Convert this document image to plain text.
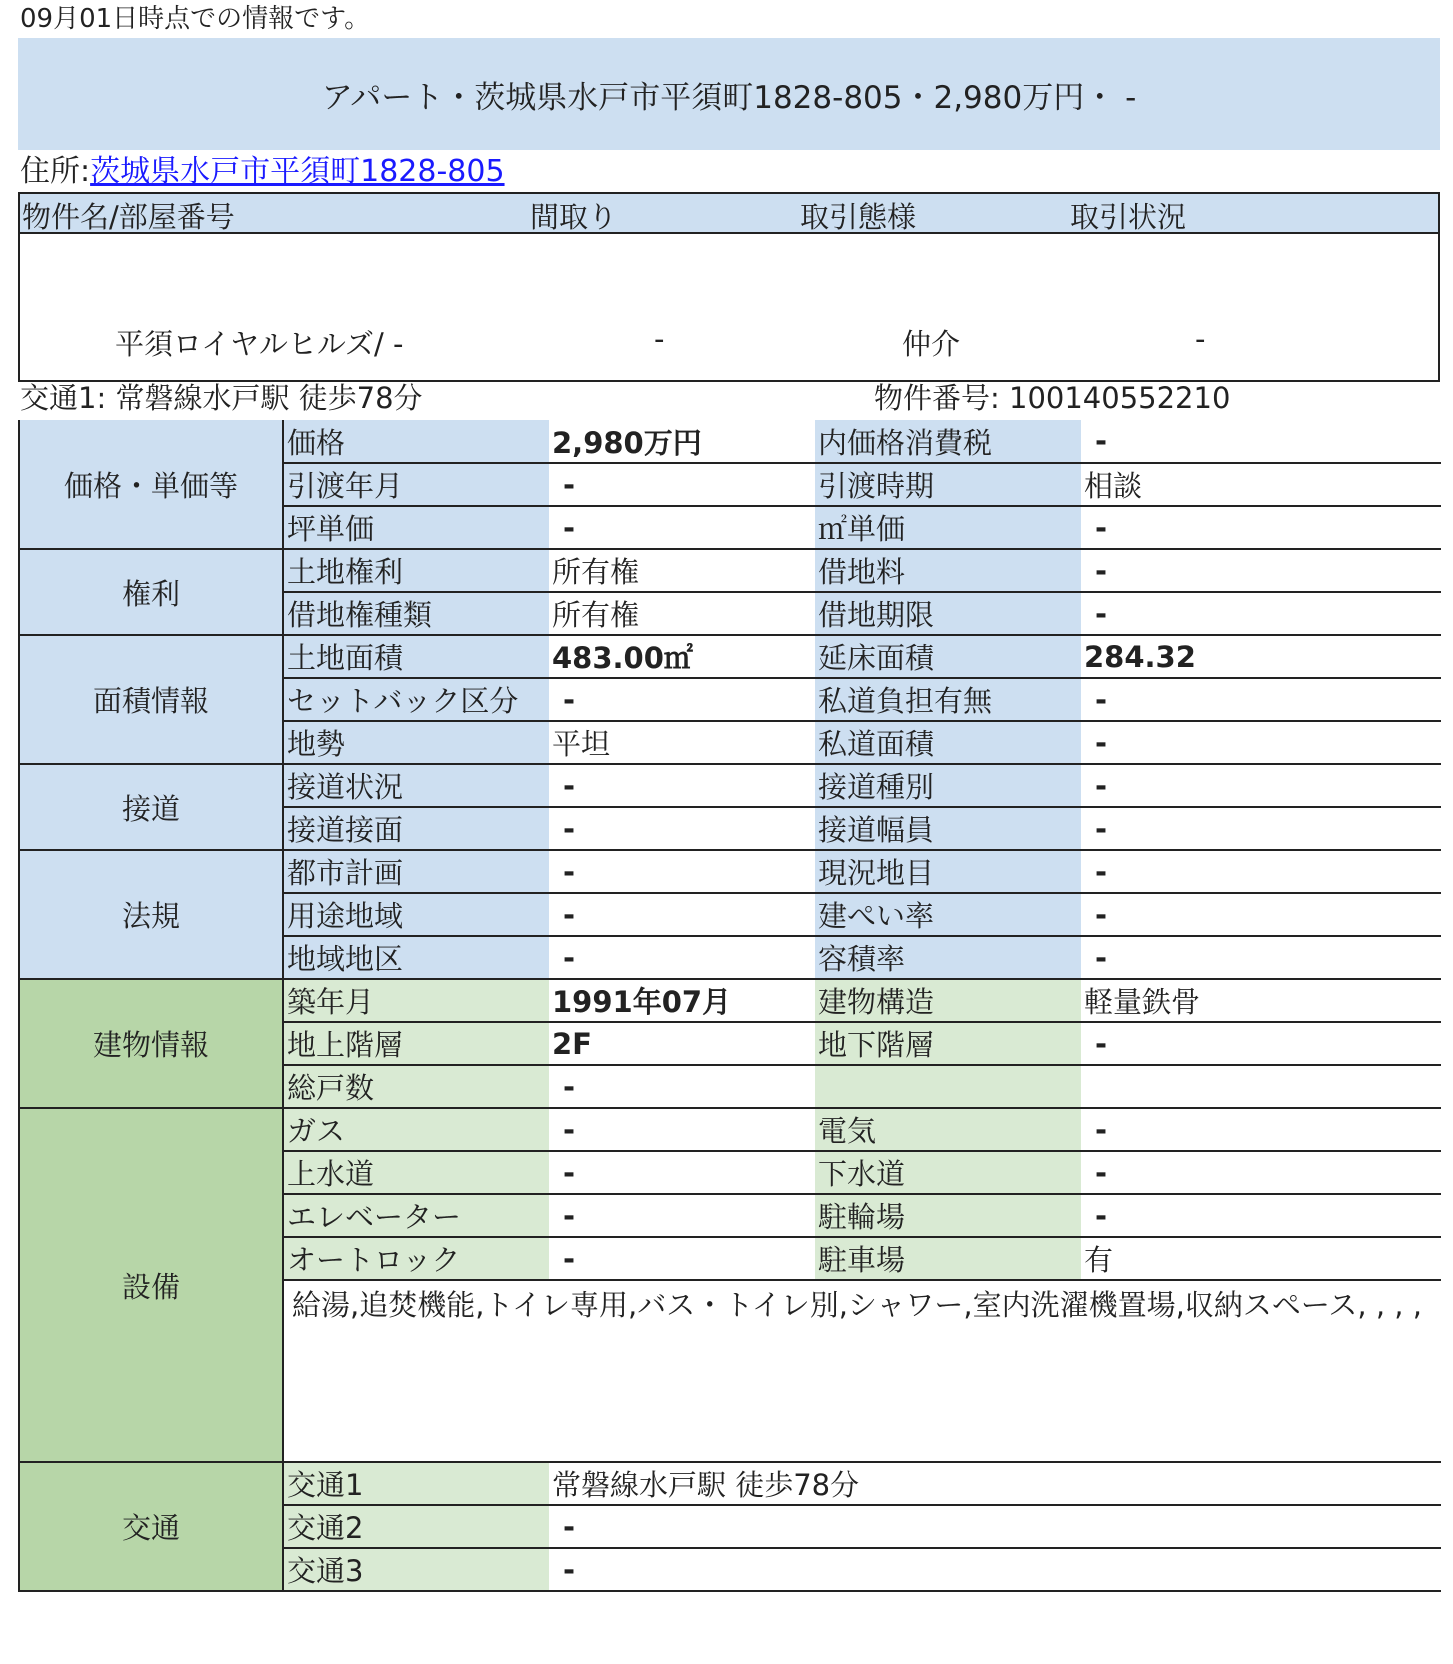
09月01日時点での情報です。
アパート・茨城県水戸市平須町1828-805・2,980万円・ -
住所:茨城県水戸市平須町1828-805
物件名/部屋番号	間取り	取引態様	取引状況
平須ロイヤルヒルズ/ -	-	仲介	-
交通1: 常磐線水戸駅 徒歩78分	物件番号: 100140552210
価格・単価等	価格	2,980万円	内価格消費税	-
	引渡年月	-	引渡時期	相談
	坪単価	-	㎡単価	-
権利	土地権利	所有権	借地料	-
	借地権種類	所有権	借地期限	-
面積情報	土地面積	483.00㎡	延床面積	284.32
	セットバック区分	-	私道負担有無	-
	地勢	平坦	私道面積	-
接道	接道状況	-	接道種別	-
	接道接面	-	接道幅員	-
法規	都市計画	-	現況地目	-
	用途地域	-	建ぺい率	-
	地域地区	-	容積率	-
建物情報	築年月	1991年07月	建物構造	軽量鉄骨
	地上階層	2F	地下階層	-
	総戸数	-		
設備	ガス	-	電気	-
	上水道	-	下水道	-
	エレベーター	-	駐輪場	-
	オートロック	-	駐車場	有
	給湯,追焚機能,トイレ専用,バス・トイレ別,シャワー,室内洗濯機置場,収納スペース, , , ,			
交通	交通1	常磐線水戸駅 徒歩78分		
	交通2	-		
	交通3	-		
